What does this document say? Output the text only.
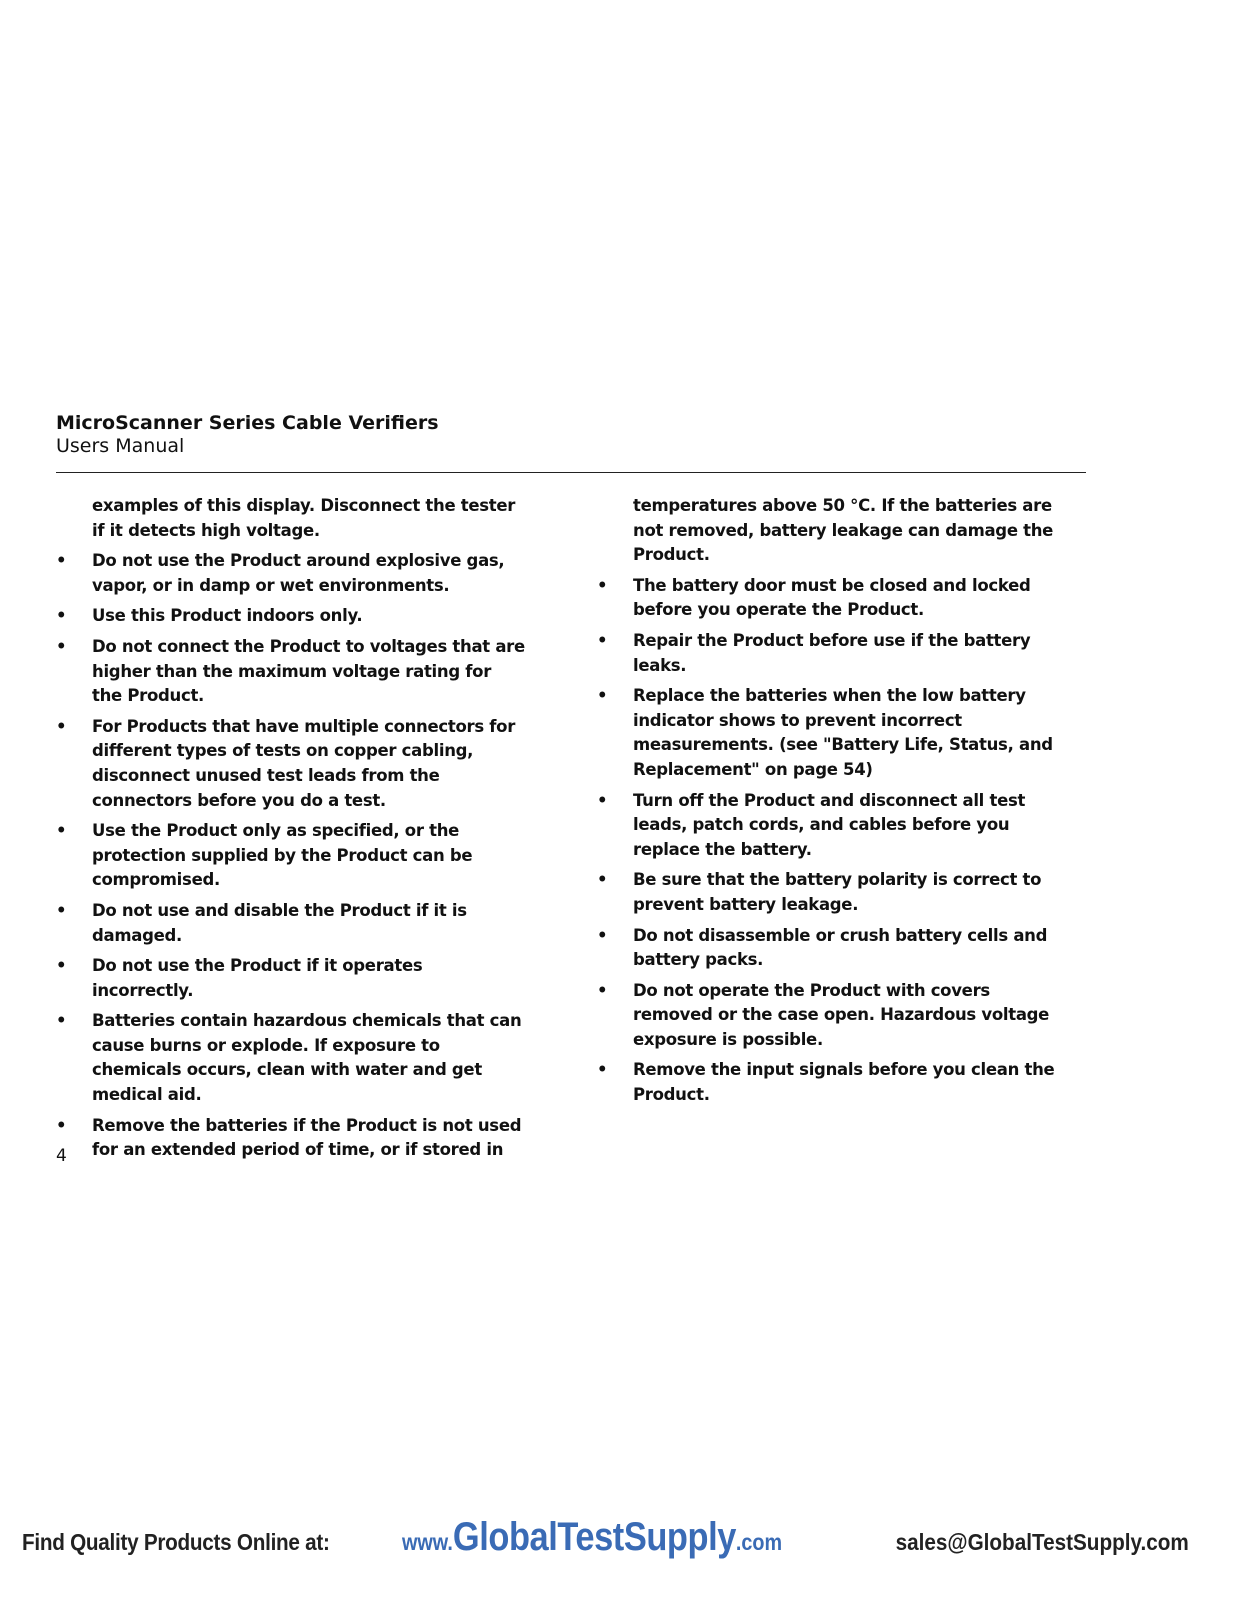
MicroScanner Series Cable Verifiers
Users Manual
examples of this display. Disconnect the tester if it detects high voltage.
• Do not use the Product around explosive gas, vapor, or in damp or wet environments.
• Use this Product indoors only.
• Do not connect the Product to voltages that are higher than the maximum voltage rating for the Product.
• For Products that have multiple connectors for different types of tests on copper cabling, disconnect unused test leads from the connectors before you do a test.
• Use the Product only as specified, or the protection supplied by the Product can be compromised.
• Do not use and disable the Product if it is damaged.
• Do not use the Product if it operates incorrectly.
• Batteries contain hazardous chemicals that can cause burns or explode. If exposure to chemicals occurs, clean with water and get medical aid.
• Remove the batteries if the Product is not used for an extended period of time, or if stored in
temperatures above 50 °C. If the batteries are not removed, battery leakage can damage the Product.
• The battery door must be closed and locked before you operate the Product.
• Repair the Product before use if the battery leaks.
• Replace the batteries when the low battery indicator shows to prevent incorrect measurements. (see "Battery Life, Status, and Replacement" on page 54)
• Turn off the Product and disconnect all test leads, patch cords, and cables before you replace the battery.
• Be sure that the battery polarity is correct to prevent battery leakage.
• Do not disassemble or crush battery cells and battery packs.
• Do not operate the Product with covers removed or the case open. Hazardous voltage exposure is possible.
• Remove the input signals before you clean the Product.
4
Find Quality Products Online at:	www.GlobalTestSupply.com	sales@GlobalTestSupply.com
